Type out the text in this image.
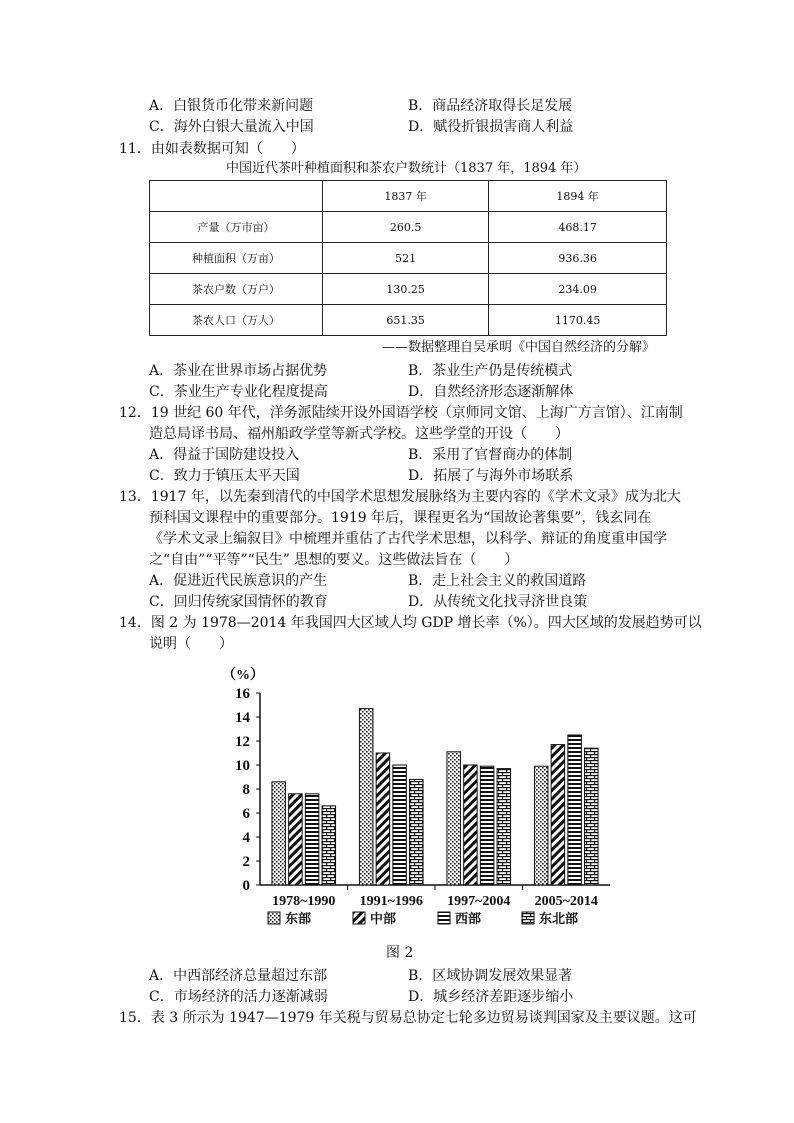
A．白银货币化带来新问题	B．商品经济取得长足发展
C．海外白银大量流入中国	D．赋役折银损害商人利益
11．由如表数据可知（　　）
中国近代茶叶种植面积和茶农户数统计（1837 年，1894 年）
	1837 年	1894 年
产量（万市亩）	260.5	468.17
种植面积（万亩）	521	936.36
茶农户数（万户）	130.25	234.09
茶农人口（万人）	651.35	1170.45
——数据整理自吴承明《中国自然经济的分解》
A．茶业在世界市场占据优势	B．茶业生产仍是传统模式
C．茶业生产专业化程度提高	D．自然经济形态逐渐解体
12．19 世纪 60 年代，洋务派陆续开设外国语学校（京师同文馆、上海广方言馆）、江南制
造总局译书局、福州船政学堂等新式学校。这些学堂的开设（　　）
A．得益于国防建设投入	B．采用了官督商办的体制
C．致力于镇压太平天国	D．拓展了与海外市场联系
13．1917 年，以先秦到清代的中国学术思想发展脉络为主要内容的《学术文录》成为北大
预科国文课程中的重要部分。1919 年后，课程更名为“国故论著集要”，钱玄同在
《学术文录上编叙目》中梳理并重估了古代学术思想，以科学、辩证的角度重申国学
之“自由”“平等”“民生” 思想的要义。这些做法旨在（　　）
A．促进近代民族意识的产生	B．走上社会主义的救国道路
C．回归传统家国情怀的教育	D．从传统文化找寻济世良策
14．图 2 为 1978—2014 年我国四大区域人均 GDP 增长率（%）。四大区域的发展趋势可以
说明（　　）
（%）
0
2
4
6
8
10
12
14
16
1978~1990 1991~1996 1997~2004 2005~2014
东部	中部	西部	东北部
图 2
A．中西部经济总量超过东部	B．区域协调发展效果显著
C．市场经济的活力逐渐减弱	D．城乡经济差距逐步缩小
15．表 3 所示为 1947—1979 年关税与贸易总协定七轮多边贸易谈判国家及主要议题。这可
